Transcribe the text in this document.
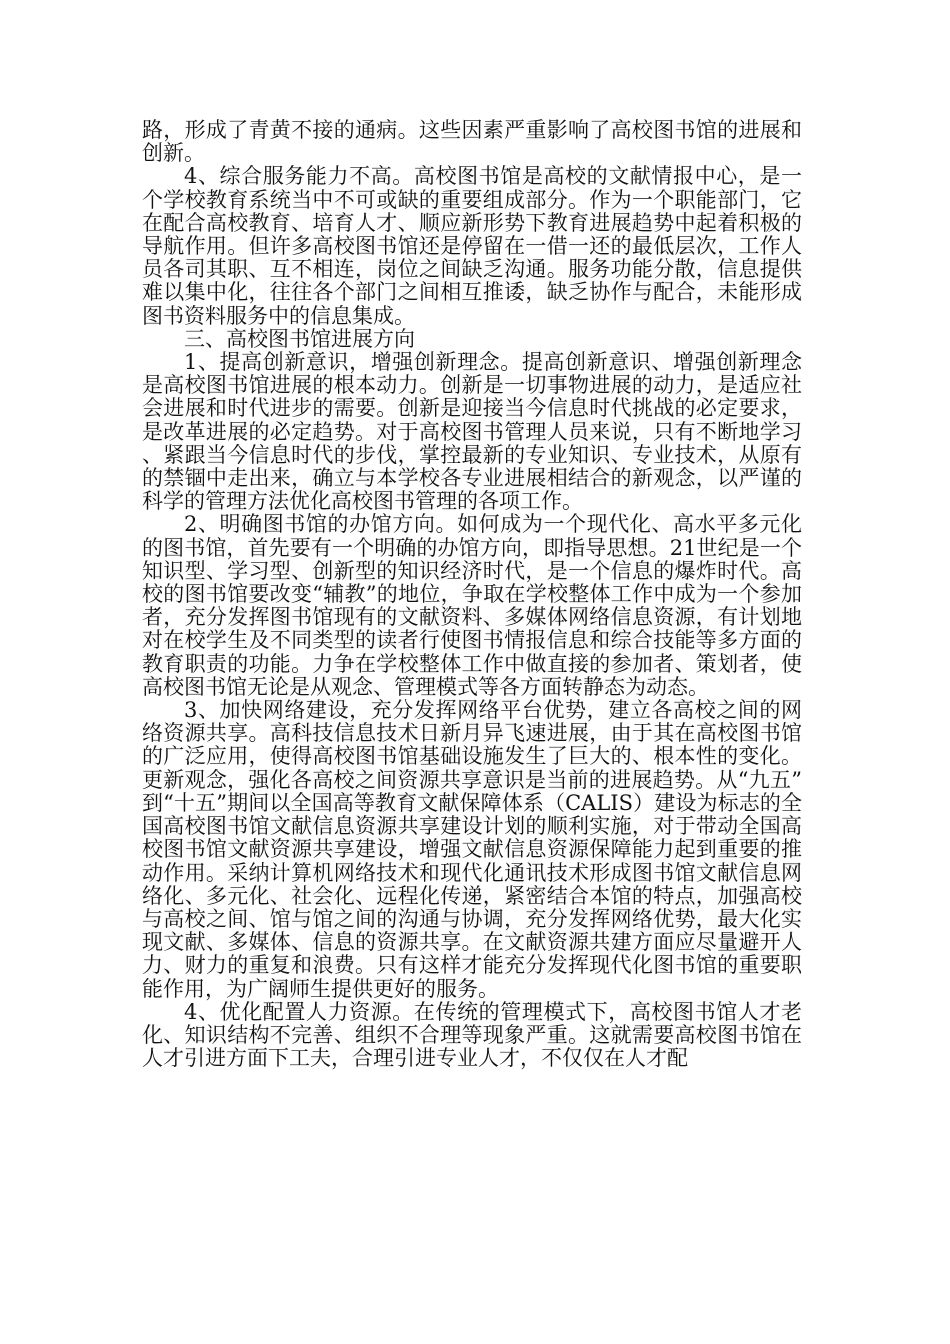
路，形成了青黄不接的通病。这些因素严重影响了高校图书馆的进展和创新。

4、综合服务能力不高。高校图书馆是高校的文献情报中心，是一个学校教育系统当中不可或缺的重要组成部分。作为一个职能部门，它在配合高校教育、培育人才、顺应新形势下教育进展趋势中起着积极的导航作用。但许多高校图书馆还是停留在一借一还的最低层次，工作人员各司其职、互不相连，岗位之间缺乏沟通。服务功能分散，信息提供难以集中化，往往各个部门之间相互推诿，缺乏协作与配合，未能形成图书资料服务中的信息集成。

三、高校图书馆进展方向

1、提高创新意识，增强创新理念。提高创新意识、增强创新理念是高校图书馆进展的根本动力。创新是一切事物进展的动力，是适应社会进展和时代进步的需要。创新是迎接当今信息时代挑战的必定要求，是改革进展的必定趋势。对于高校图书管理人员来说，只有不断地学习、紧跟当今信息时代的步伐，掌控最新的专业知识、专业技术，从原有的禁锢中走出来，确立与本学校各专业进展相结合的新观念，以严谨的科学的管理方法优化高校图书管理的各项工作。

2、明确图书馆的办馆方向。如何成为一个现代化、高水平多元化的图书馆，首先要有一个明确的办馆方向，即指导思想。21世纪是一个知识型、学习型、创新型的知识经济时代，是一个信息的爆炸时代。高校的图书馆要改变“辅教”的地位，争取在学校整体工作中成为一个参加者，充分发挥图书馆现有的文献资料、多媒体网络信息资源，有计划地对在校学生及不同类型的读者行使图书情报信息和综合技能等多方面的教育职责的功能。力争在学校整体工作中做直接的参加者、策划者，使高校图书馆无论是从观念、管理模式等各方面转静态为动态。

3、加快网络建设，充分发挥网络平台优势，建立各高校之间的网络资源共享。高科技信息技术日新月异飞速进展，由于其在高校图书馆的广泛应用，使得高校图书馆基础设施发生了巨大的、根本性的变化。更新观念，强化各高校之间资源共享意识是当前的进展趋势。从“九五”到“十五”期间以全国高等教育文献保障体系（CALIS）建设为标志的全国高校图书馆文献信息资源共享建设计划的顺利实施，对于带动全国高校图书馆文献资源共享建设，增强文献信息资源保障能力起到重要的推动作用。采纳计算机网络技术和现代化通讯技术形成图书馆文献信息网络化、多元化、社会化、远程化传递，紧密结合本馆的特点，加强高校与高校之间、馆与馆之间的沟通与协调，充分发挥网络优势，最大化实现文献、多媒体、信息的资源共享。在文献资源共建方面应尽量避开人力、财力的重复和浪费。只有这样才能充分发挥现代化图书馆的重要职能作用，为广阔师生提供更好的服务。

4、优化配置人力资源。在传统的管理模式下，高校图书馆人才老化、知识结构不完善、组织不合理等现象严重。这就需要高校图书馆在人才引进方面下工夫，合理引进专业人才，不仅仅在人才配
